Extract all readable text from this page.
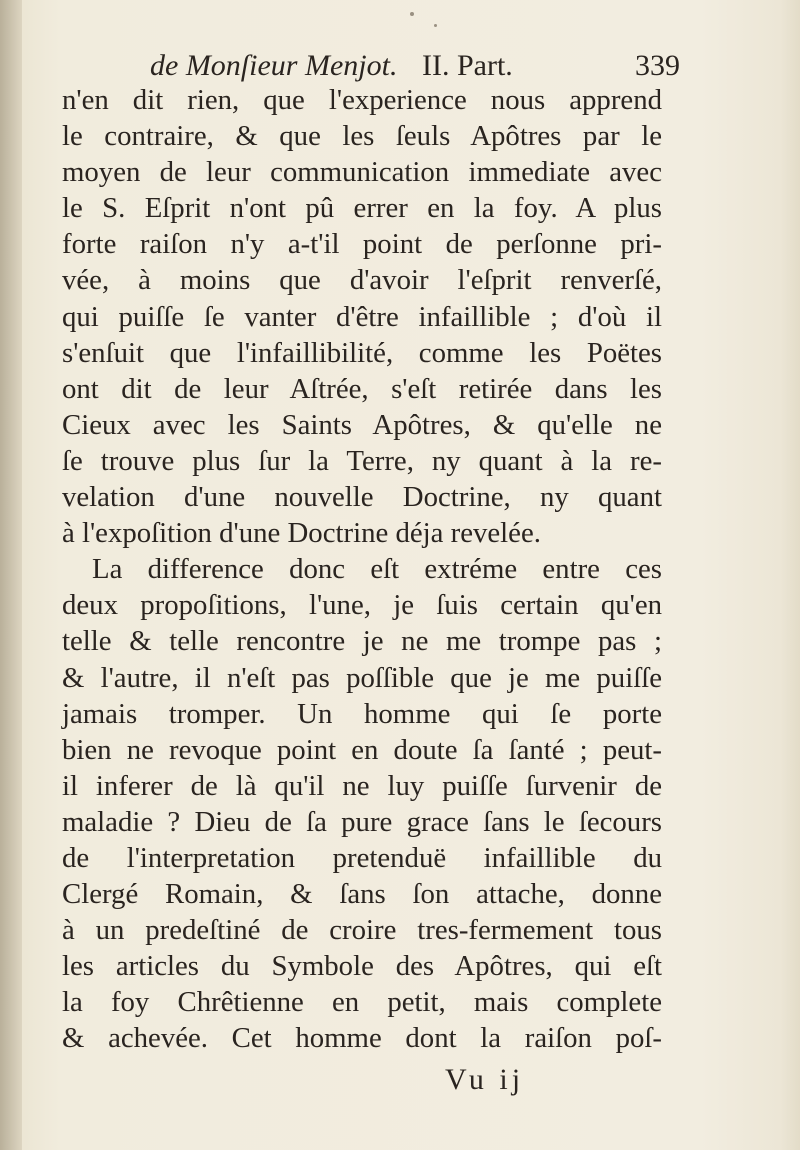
de Monſieur Menjot. II. Part.	339
n'en dit rien, que l'experience nous apprend
le contraire, & que les ſeuls Apôtres par le
moyen de leur communication immediate avec
le S. Eſprit n'ont pû errer en la foy. A plus
forte raiſon n'y a-t'il point de perſonne pri-
vée, à moins que d'avoir l'eſprit renverſé,
qui puiſſe ſe vanter d'être infaillible ; d'où il
s'enſuit que l'infaillibilité, comme les Poëtes
ont dit de leur Aſtrée, s'eſt retirée dans les
Cieux avec les Saints Apôtres, & qu'elle ne
ſe trouve plus ſur la Terre, ny quant à la re-
velation d'une nouvelle Doctrine, ny quant
à l'expoſition d'une Doctrine déja revelée.
La difference donc eſt extréme entre ces
deux propoſitions, l'une, je ſuis certain qu'en
telle & telle rencontre je ne me trompe pas ;
& l'autre, il n'eſt pas poſſible que je me puiſſe
jamais tromper. Un homme qui ſe porte
bien ne revoque point en doute ſa ſanté ; peut-
il inferer de là qu'il ne luy puiſſe ſurvenir de
maladie ? Dieu de ſa pure grace ſans le ſecours
de l'interpretation pretenduë infaillible du
Clergé Romain, & ſans ſon attache, donne
à un predeſtiné de croire tres-fermement tous
les articles du Symbole des Apôtres, qui eſt
la foy Chrêtienne en petit, mais complete
& achevée. Cet homme dont la raiſon poſ-
Vu ij
